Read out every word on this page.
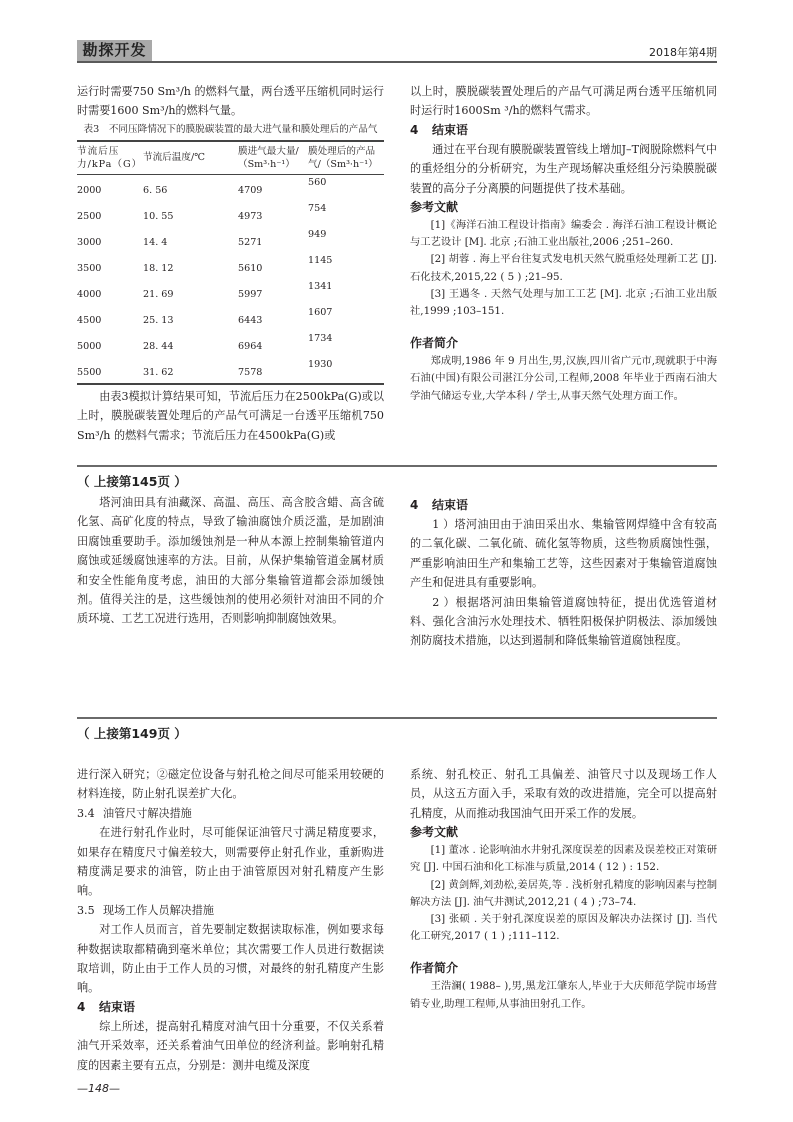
勘探开发	2018年第4期

运行时需要750 Sm³/h 的燃料气量，两台透平压缩机同时运行时需要1600 Sm³/h的燃料气量。

表3　不同压降情况下的膜脱碳装置的最大进气量和膜处理后的产品气
节流后压力/kPa（G）	节流后温度/℃	膜进气最大量/（Sm³·h⁻¹）	膜处理后的产品气/（Sm³·h⁻¹）
2000	6. 56	4709	560
2500	10. 55	4973	754
3000	14. 4	5271	949
3500	18. 12	5610	1145
4000	21. 69	5997	1341
4500	25. 13	6443	1607
5000	28. 44	6964	1734
5500	31. 62	7578	1930

由表3模拟计算结果可知，节流后压力在2500kPa(G)或以上时，膜脱碳装置处理后的产品气可满足一台透平压缩机750 Sm³/h 的燃料气需求；节流后压力在4500kPa(G)或

以上时，膜脱碳装置处理后的产品气可满足两台透平压缩机同时运行时1600Sm ³/h的燃料气需求。

4 结束语

通过在平台现有膜脱碳装置管线上增加J–T阀脱除燃料气中的重烃组分的分析研究，为生产现场解决重烃组分污染膜脱碳装置的高分子分离膜的问题提供了技术基础。

参考文献

[1]《海洋石油工程设计指南》编委会 . 海洋石油工程设计概论与工艺设计 [M]. 北京 ;石油工业出版社,2006 ;251–260.

[2] 胡蓉 . 海上平台往复式发电机天然气脱重烃处理新工艺 [J]. 石化技术,2015,22 ( 5 ) ;21–95.

[3] 王遇冬 . 天然气处理与加工工艺 [M]. 北京 ;石油工业出版社,1999 ;103–151.

作者简介

郑成明,1986 年 9 月出生,男,汉族,四川省广元市,现就职于中海石油(中国)有限公司湛江分公司,工程师,2008 年毕业于西南石油大学油气储运专业,大学本科 / 学士,从事天然气处理方面工作。

（ 上接第145页 ）

塔河油田具有油藏深、高温、高压、高含胶含蜡、高含硫化氢、高矿化度的特点，导致了输油腐蚀介质泛滥，是加剧油田腐蚀重要助手。添加缓蚀剂是一种从本源上控制集输管道内腐蚀或延缓腐蚀速率的方法。目前，从保护集输管道金属材质和安全性能角度考虑，油田的大部分集输管道都会添加缓蚀剂。值得关注的是，这些缓蚀剂的使用必须针对油田不同的介质环境、工艺工况进行选用，否则影响抑制腐蚀效果。

4 结束语

1 ）塔河油田由于油田采出水、集输管网焊缝中含有较高的二氧化碳、二氧化硫、硫化氢等物质，这些物质腐蚀性强，严重影响油田生产和集输工艺等，这些因素对于集输管道腐蚀产生和促进具有重要影响。

2 ）根据塔河油田集输管道腐蚀特征，提出优选管道材料、强化含油污水处理技术、牺牲阳极保护阴极法、添加缓蚀剂防腐技术措施，以达到遏制和降低集输管道腐蚀程度。

（ 上接第149页 ）

进行深入研究；②磁定位设备与射孔枪之间尽可能采用较硬的材料连接，防止射孔误差扩大化。

3.4 油管尺寸解决措施

在进行射孔作业时，尽可能保证油管尺寸满足精度要求，如果存在精度尺寸偏差较大，则需要停止射孔作业，重新购进精度满足要求的油管，防止由于油管原因对射孔精度产生影响。

3.5 现场工作人员解决措施

对工作人员而言，首先要制定数据读取标准，例如要求每种数据读取都精确到毫米单位；其次需要工作人员进行数据读取培训，防止由于工作人员的习惯，对最终的射孔精度产生影响。

4 结束语

综上所述，提高射孔精度对油气田十分重要，不仅关系着油气开采效率，还关系着油气田单位的经济利益。影响射孔精度的因素主要有五点，分别是：测井电缆及深度

系统、射孔校正、射孔工具偏差、油管尺寸以及现场工作人员，从这五方面入手，采取有效的改进措施，完全可以提高射孔精度，从而推动我国油气田开采工作的发展。

参考文献

[1] 董冰 . 论影响油水井射孔深度误差的因素及误差校正对策研究 [J]. 中国石油和化工标准与质量,2014 ( 12 ) : 152.

[2] 黄剑辉,刘劲松,姜居英,等 . 浅析射孔精度的影响因素与控制解决方法 [J]. 油气井测试,2012,21 ( 4 ) ;73–74.

[3] 张硕 . 关于射孔深度误差的原因及解决办法探讨 [J]. 当代化工研究,2017 ( 1 ) ;111–112.

作者简介

王浩澜( 1988– ),男,黑龙江肇东人,毕业于大庆师范学院市场营销专业,助理工程师,从事油田射孔工作。

—148—
